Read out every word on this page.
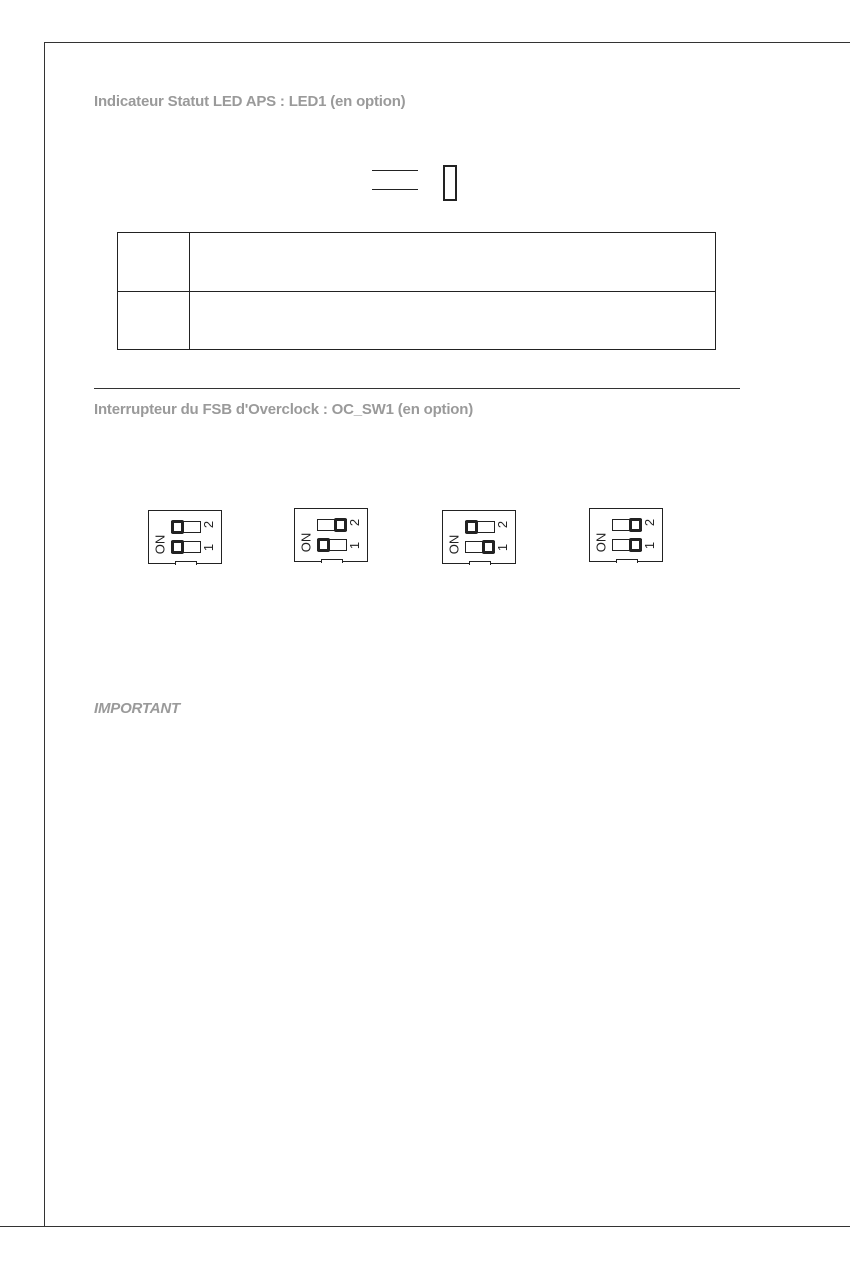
Indicateur Statut LED APS : LED1 (en option)
Interrupteur du FSB d'Overclock : OC_SW1 (en option)
ON
2
1	ON
2
1	ON
2
1	ON
2
1
IMPORTANT
